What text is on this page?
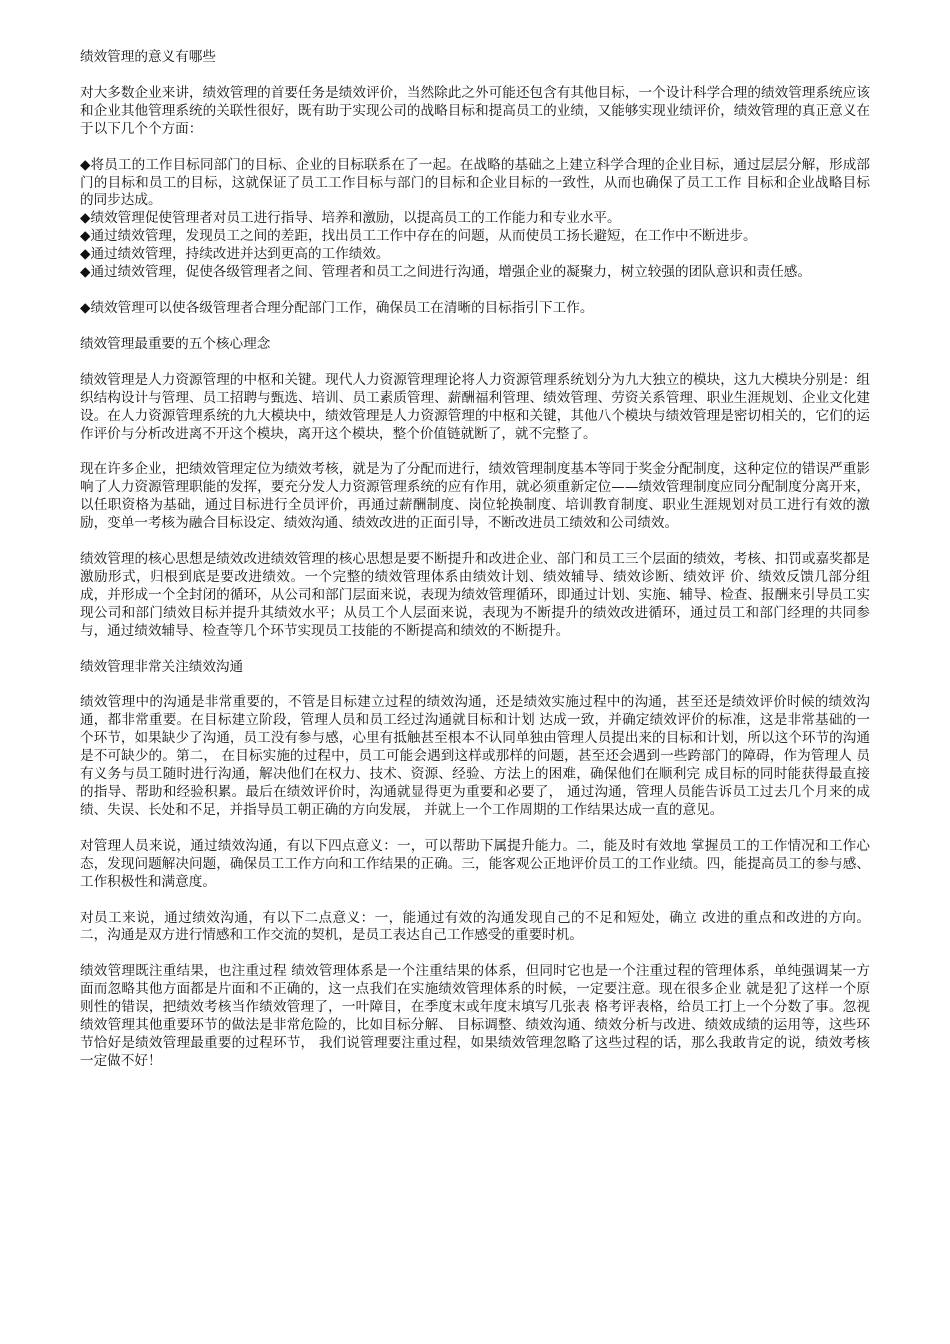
绩效管理的意义有哪些

对大多数企业来讲，绩效管理的首要任务是绩效评价，当然除此之外可能还包含有其他目标，一个设计科学合理的绩效管理系统应该和企业其他管理系统的关联性很好，既有助于实现公司的战略目标和提高员工的业绩，又能够实现业绩评价，绩效管理的真正意义在于以下几个个方面：

◆将员工的工作目标同部门的目标、企业的目标联系在了一起。在战略的基础之上建立科学合理的企业目标，通过层层分解，形成部门的目标和员工的目标，这就保证了员工工作目标与部门的目标和企业目标的一致性，从而也确保了员工工作 目标和企业战略目标的同步达成。

◆绩效管理促使管理者对员工进行指导、培养和激励，以提高员工的工作能力和专业水平。

◆通过绩效管理，发现员工之间的差距，找出员工工作中存在的问题，从而使员工扬长避短，在工作中不断进步。

◆通过绩效管理，持续改进并达到更高的工作绩效。

◆通过绩效管理，促使各级管理者之间、管理者和员工之间进行沟通，增强企业的凝聚力，树立较强的团队意识和责任感。

◆绩效管理可以使各级管理者合理分配部门工作，确保员工在清晰的目标指引下工作。

绩效管理最重要的五个核心理念

绩效管理是人力资源管理的中枢和关键。现代人力资源管理理论将人力资源管理系统划分为九大独立的模块，这九大模块分别是：组织结构设计与管理、员工招聘与甄选、培训、员工素质管理、薪酬福利管理、绩效管理、劳资关系管理、职业生涯规划、企业文化建设。在人力资源管理系统的九大模块中，绩效管理是人力资源管理的中枢和关键，其他八个模块与绩效管理是密切相关的，它们的运作评价与分析改进离不开这个模块，离开这个模块，整个价值链就断了，就不完整了。

现在许多企业，把绩效管理定位为绩效考核，就是为了分配而进行，绩效管理制度基本等同于奖金分配制度，这种定位的错误严重影响了人力资源管理职能的发挥，要充分发人力资源管理系统的应有作用，就必须重新定位——绩效管理制度应同分配制度分离开来，以任职资格为基础，通过目标进行全员评价，再通过薪酬制度、岗位轮换制度、培训教育制度、职业生涯规划对员工进行有效的激励，变单一考核为融合目标设定、绩效沟通、绩效改进的正面引导，不断改进员工绩效和公司绩效。

绩效管理的核心思想是绩效改进绩效管理的核心思想是要不断提升和改进企业、部门和员工三个层面的绩效，考核、扣罚或嘉奖都是激励形式，归根到底是要改进绩效。一个完整的绩效管理体系由绩效计划、绩效辅导、绩效诊断、绩效评 价、绩效反馈几部分组成，并形成一个全封闭的循环，从公司和部门层面来说，表现为绩效管理循环，即通过计划、实施、辅导、检查、报酬来引导员工实现公司和部门绩效目标并提升其绩效水平；从员工个人层面来说，表现为不断提升的绩效改进循环，通过员工和部门经理的共同参与，通过绩效辅导、检查等几个环节实现员工技能的不断提高和绩效的不断提升。

绩效管理非常关注绩效沟通

绩效管理中的沟通是非常重要的，不管是目标建立过程的绩效沟通，还是绩效实施过程中的沟通，甚至还是绩效评价时候的绩效沟通，都非常重要。在目标建立阶段，管理人员和员工经过沟通就目标和计划 达成一致，并确定绩效评价的标准，这是非常基础的一个环节，如果缺少了沟通，员工没有参与感，心里有抵触甚至根本不认同单独由管理人员提出来的目标和计划，所以这个环节的沟通是不可缺少的。第二， 在目标实施的过程中，员工可能会遇到这样或那样的问题，甚至还会遇到一些跨部门的障碍，作为管理人 员有义务与员工随时进行沟通，解决他们在权力、技术、资源、经验、方法上的困难，确保他们在顺利完 成目标的同时能获得最直接的指导、帮助和经验积累。最后在绩效评价时，沟通就显得更为重要和必要了， 通过沟通，管理人员能告诉员工过去几个月来的成绩、失误、长处和不足，并指导员工朝正确的方向发展， 并就上一个工作周期的工作结果达成一直的意见。

对管理人员来说，通过绩效沟通，有以下四点意义：一，可以帮助下属提升能力。二，能及时有效地 掌握员工的工作情况和工作心态，发现问题解决问题，确保员工工作方向和工作结果的正确。三，能客观公正地评价员工的工作业绩。四，能提高员工的参与感、工作积极性和满意度。

对员工来说，通过绩效沟通，有以下二点意义：一，能通过有效的沟通发现自己的不足和短处，确立 改进的重点和改进的方向。二，沟通是双方进行情感和工作交流的契机，是员工表达自己工作感受的重要时机。

绩效管理既注重结果，也注重过程 绩效管理体系是一个注重结果的体系，但同时它也是一个注重过程的管理体系，单纯强调某一方面而忽略其他方面都是片面和不正确的，这一点我们在实施绩效管理体系的时候，一定要注意。现在很多企业 就是犯了这样一个原则性的错误，把绩效考核当作绩效管理了，一叶障目，在季度末或年度末填写几张表 格考评表格，给员工打上一个分数了事。忽视绩效管理其他重要环节的做法是非常危险的，比如目标分解、 目标调整、绩效沟通、绩效分析与改进、绩效成绩的运用等，这些环节恰好是绩效管理最重要的过程环节， 我们说管理要注重过程，如果绩效管理忽略了这些过程的话，那么我敢肯定的说，绩效考核一定做不好！
